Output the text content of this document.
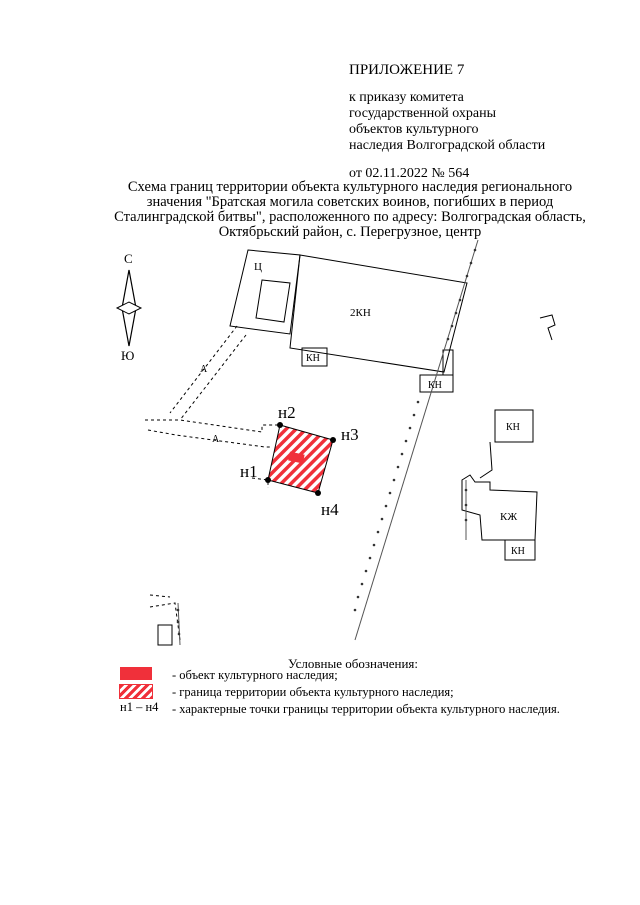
ПРИЛОЖЕНИЕ 7
к приказу комитета
государственной охраны
объектов культурного
наследия Волгоградской области
от 02.11.2022 № 564
Схема границ территории объекта культурного наследия регионального
значения "Братская могила советских воинов, погибших в период
Сталинградской битвы", расположенного по адресу: Волгоградская область,
Октябрьский район, с. Перегрузное, центр
С
Ю
Ц
2КН
КН
КН
КН
КЖ
КН
А
А
н1
н2
н3
н4
Условные обозначения:
н1 – н4
- объект культурного наследия;
- граница территории объекта культурного наследия;
- характерные точки границы территории объекта культурного наследия.
